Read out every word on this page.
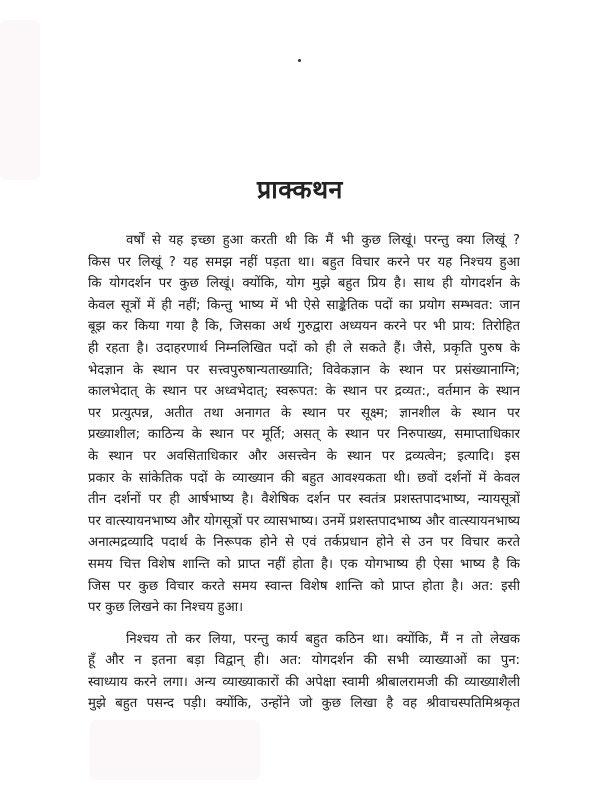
प्राक्कथन

वर्षों से यह इच्छा हुआ करती थी कि मैं भी कुछ लिखूं। परन्तु क्या लिखूं ?
किस पर लिखूं ? यह समझ नहीं पड़ता था। बहुत विचार करने पर यह निश्चय हुआ
कि योगदर्शन पर कुछ लिखूं। क्योंकि, योग मुझे बहुत प्रिय है। साथ ही योगदर्शन के
केवल सूत्रों में ही नहीं; किन्तु भाष्य में भी ऐसे साङ्केतिक पदों का प्रयोग सम्भवत: जान
बूझ कर किया गया है कि, जिसका अर्थ गुरुद्वारा अध्ययन करने पर भी प्राय: तिरोहित
ही रहता है। उदाहरणार्थ निम्नलिखित पदों को ही ले सकते हैं। जैसे, प्रकृति पुरुष के
भेदज्ञान के स्थान पर सत्त्वपुरुषान्यताख्याति; विवेकज्ञान के स्थान पर प्रसंख्यानाग्नि;
कालभेदात् के स्थान पर अध्वभेदात्; स्वरूपत: के स्थान पर द्रव्यत:, वर्तमान के स्थान
पर प्रत्युत्पन्न, अतीत तथा अनागत के स्थान पर सूक्ष्म; ज्ञानशील के स्थान पर
प्रख्याशील; काठिन्य के स्थान पर मूर्ति; असत् के स्थान पर निरुपाख्य, समाप्ताधिकार
के स्थान पर अवसिताधिकार और असत्त्वेन के स्थान पर द्रव्यत्वेन; इत्यादि। इस
प्रकार के सांकेतिक पदों के व्याख्यान की बहुत आवश्यकता थी। छवों दर्शनों में केवल
तीन दर्शनों पर ही आर्षभाष्य है। वैशेषिक दर्शन पर स्वतंत्र प्रशस्तपादभाष्य, न्यायसूत्रों
पर वात्स्यायनभाष्य और योगसूत्रों पर व्यासभाष्य। उनमें प्रशस्तपादभाष्य और वात्स्यायनभाष्य
अनात्मद्रव्यादि पदार्थ के निरूपक होने से एवं तर्कप्रधान होने से उन पर विचार करते
समय चित्त विशेष शान्ति को प्राप्त नहीं होता है। एक योगभाष्य ही ऐसा भाष्य है कि
जिस पर कुछ विचार करते समय स्वान्त विशेष शान्ति को प्राप्त होता है। अत: इसी
पर कुछ लिखने का निश्चय हुआ।

निश्चय तो कर लिया, परन्तु कार्य बहुत कठिन था। क्योंकि, मैं न तो लेखक
हूँ और न इतना बड़ा विद्वान् ही। अत: योगदर्शन की सभी व्याख्याओं का पुन:
स्वाध्याय करने लगा। अन्य व्याख्याकारों की अपेक्षा स्वामी श्रीबालरामजी की व्याख्याशैली
मुझे बहुत पसन्द पड़ी। क्योंकि, उन्होंने जो कुछ लिखा है वह श्रीवाचस्पतिमिश्रकृत
